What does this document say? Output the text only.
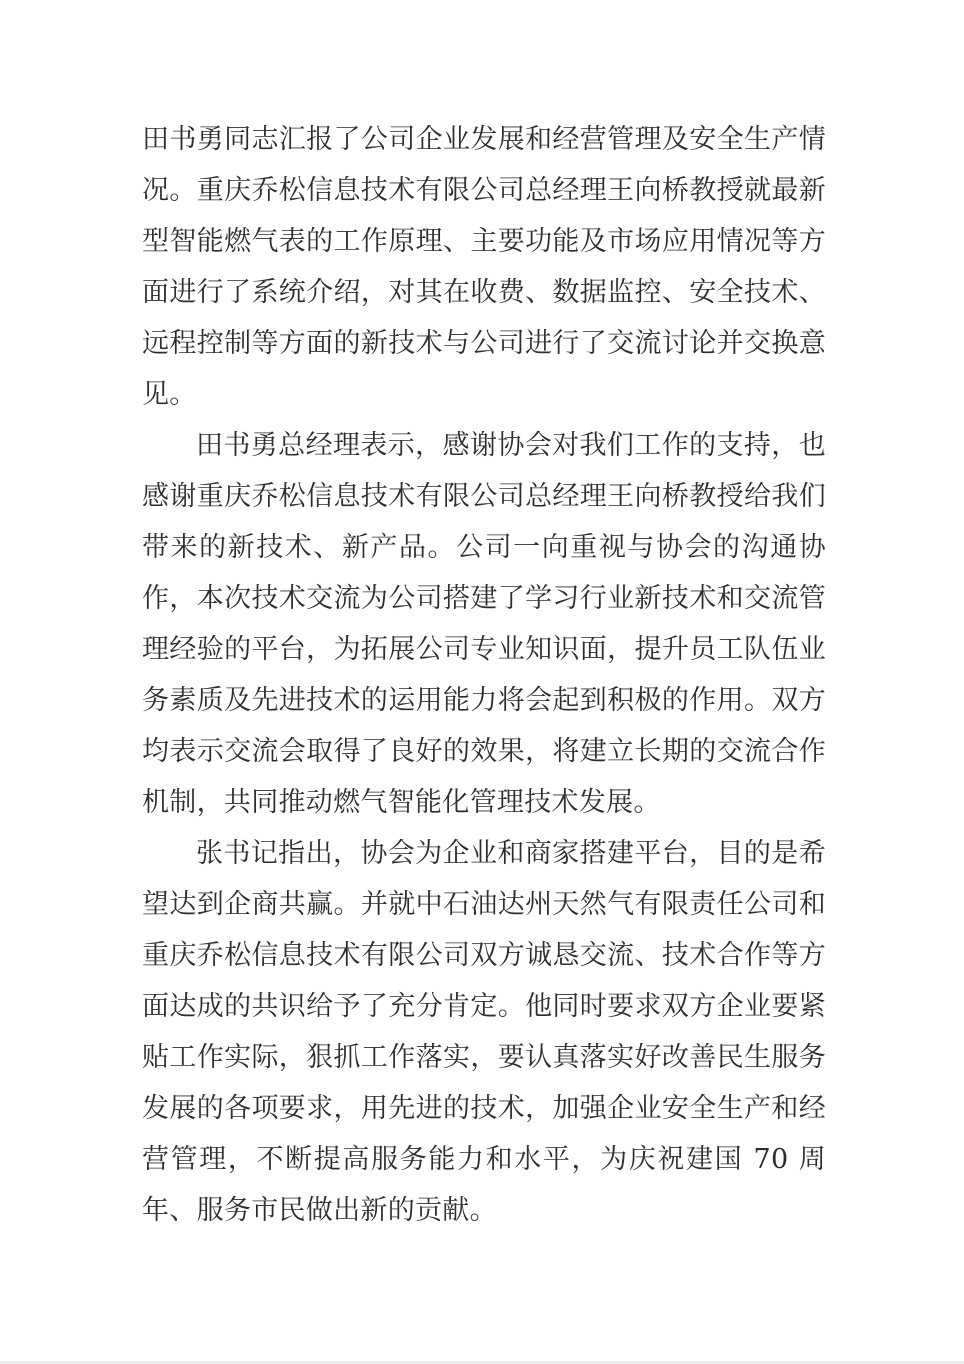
田书勇同志汇报了公司企业发展和经营管理及安全生产情况。重庆乔松信息技术有限公司总经理王向桥教授就最新型智能燃气表的工作原理、主要功能及市场应用情况等方面进行了系统介绍，对其在收费、数据监控、安全技术、远程控制等方面的新技术与公司进行了交流讨论并交换意见。

田书勇总经理表示，感谢协会对我们工作的支持，也感谢重庆乔松信息技术有限公司总经理王向桥教授给我们带来的新技术、新产品。公司一向重视与协会的沟通协作，本次技术交流为公司搭建了学习行业新技术和交流管理经验的平台，为拓展公司专业知识面，提升员工队伍业务素质及先进技术的运用能力将会起到积极的作用。双方均表示交流会取得了良好的效果，将建立长期的交流合作机制，共同推动燃气智能化管理技术发展。

张书记指出，协会为企业和商家搭建平台，目的是希望达到企商共赢。并就中石油达州天然气有限责任公司和重庆乔松信息技术有限公司双方诚恳交流、技术合作等方面达成的共识给予了充分肯定。他同时要求双方企业要紧贴工作实际，狠抓工作落实，要认真落实好改善民生服务发展的各项要求，用先进的技术，加强企业安全生产和经营管理，不断提高服务能力和水平，为庆祝建国 70 周年、服务市民做出新的贡献。
